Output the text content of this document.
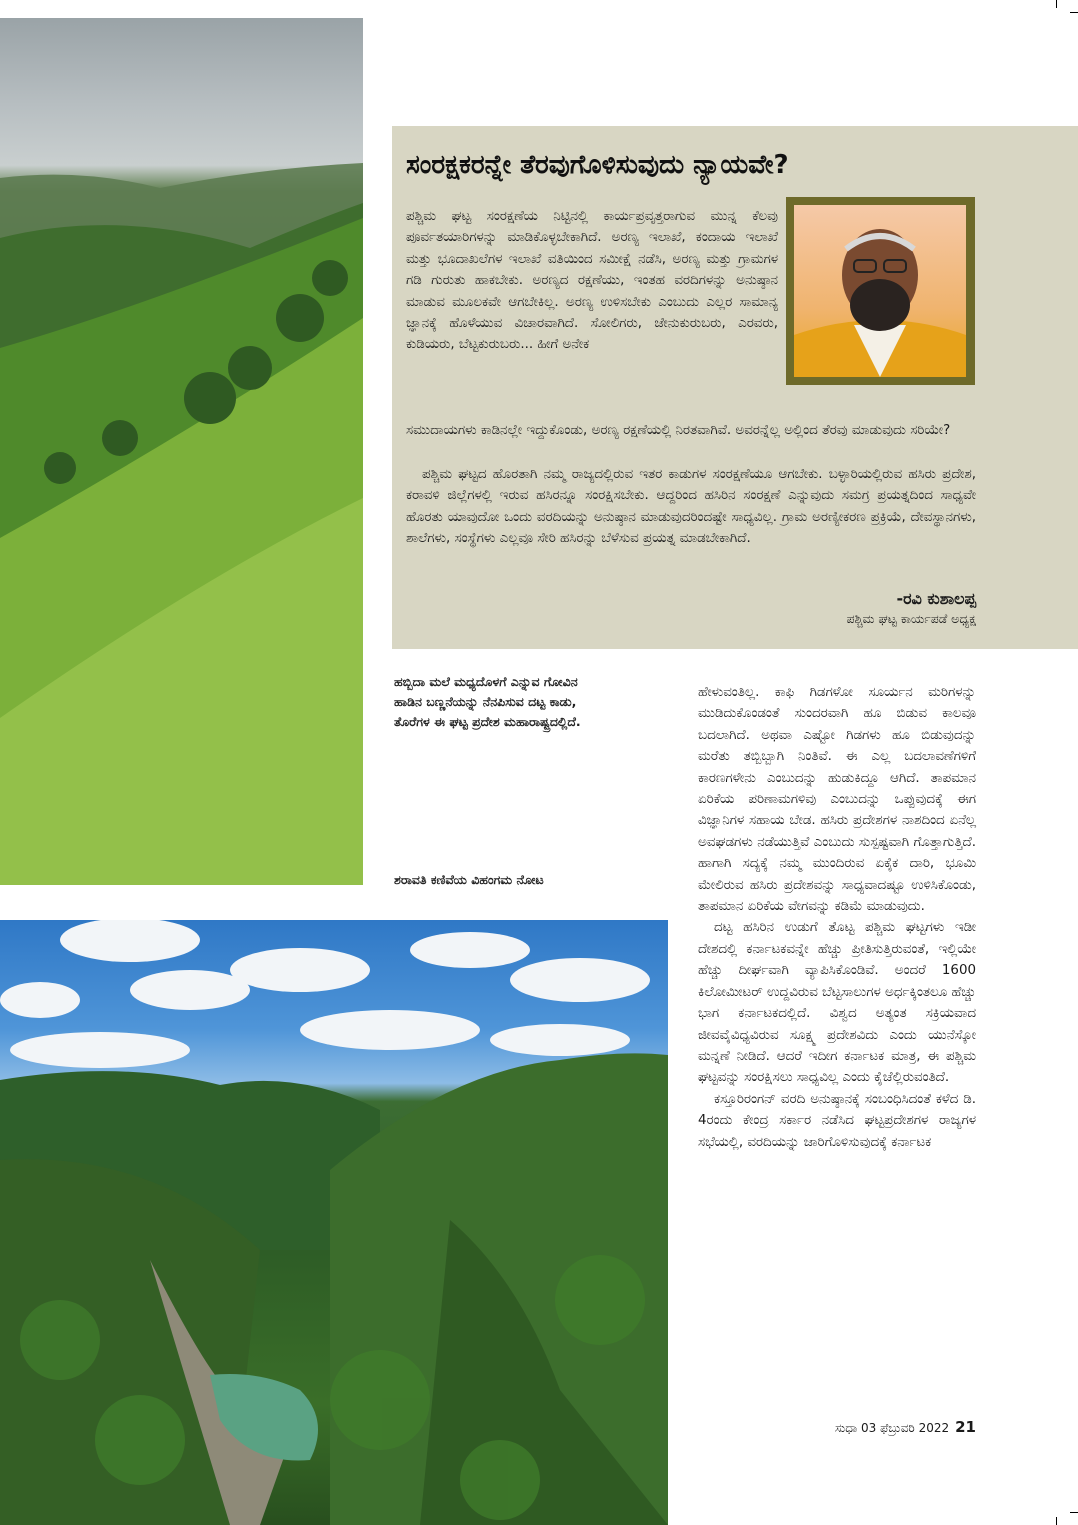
ಸಂರಕ್ಷಕರನ್ನೇ ತೆರವುಗೊಳಿಸುವುದು ನ್ಯಾಯವೇ?

ಪಶ್ಚಿಮ ಘಟ್ಟ ಸಂರಕ್ಷಣೆಯ ನಿಟ್ಟಿನಲ್ಲಿ ಕಾರ್ಯಪ್ರವೃತ್ತರಾಗುವ ಮುನ್ನ ಕೆಲವು ಪೂರ್ವತಯಾರಿಗಳನ್ನು ಮಾಡಿಕೊಳ್ಳಬೇಕಾಗಿದೆ. ಅರಣ್ಯ ಇಲಾಖೆ, ಕಂದಾಯ ಇಲಾಖೆ ಮತ್ತು ಭೂದಾಖಲೆಗಳ ಇಲಾಖೆ ವತಿಯಿಂದ ಸಮೀಕ್ಷೆ ನಡೆಸಿ, ಅರಣ್ಯ ಮತ್ತು ಗ್ರಾಮಗಳ ಗಡಿ ಗುರುತು ಹಾಕಬೇಕು. ಅರಣ್ಯದ ರಕ್ಷಣೆಯು, ಇಂತಹ ವರದಿಗಳನ್ನು ಅನುಷ್ಠಾನ ಮಾಡುವ ಮೂಲಕವೇ ಆಗಬೇಕಿಲ್ಲ. ಅರಣ್ಯ ಉಳಿಸಬೇಕು ಎಂಬುದು ಎಲ್ಲರ ಸಾಮಾನ್ಯ ಜ್ಞಾನಕ್ಕೆ ಹೊಳೆಯುವ ವಿಚಾರವಾಗಿದೆ. ಸೋಲಿಗರು, ಜೇನುಕುರುಬರು, ಎರವರು, ಕುಡಿಯರು, ಬೆಟ್ಟಕುರುಬರು... ಹೀಗೆ ಅನೇಕ

ಸಮುದಾಯಗಳು ಕಾಡಿನಲ್ಲೇ ಇದ್ದುಕೊಂಡು, ಅರಣ್ಯ ರಕ್ಷಣೆಯಲ್ಲಿ ನಿರತವಾಗಿವೆ. ಅವರನ್ನೆಲ್ಲ ಅಲ್ಲಿಂದ ತೆರವು ಮಾಡುವುದು ಸರಿಯೇ?

ಪಶ್ಚಿಮ ಘಟ್ಟದ ಹೊರತಾಗಿ ನಮ್ಮ ರಾಜ್ಯದಲ್ಲಿರುವ ಇತರ ಕಾಡುಗಳ ಸಂರಕ್ಷಣೆಯೂ ಆಗಬೇಕು. ಬಳ್ಳಾರಿಯಲ್ಲಿರುವ ಹಸಿರು ಪ್ರದೇಶ, ಕರಾವಳಿ ಜಿಲ್ಲೆಗಳಲ್ಲಿ ಇರುವ ಹಸಿರನ್ನೂ ಸಂರಕ್ಷಿಸಬೇಕು. ಆದ್ದರಿಂದ ಹಸಿರಿನ ಸಂರಕ್ಷಣೆ ಎನ್ನುವುದು ಸಮಗ್ರ ಪ್ರಯತ್ನದಿಂದ ಸಾಧ್ಯವೇ ಹೊರತು ಯಾವುದೋ ಒಂದು ವರದಿಯನ್ನು ಅನುಷ್ಠಾನ ಮಾಡುವುದರಿಂದಷ್ಟೇ ಸಾಧ್ಯವಿಲ್ಲ. ಗ್ರಾಮ ಅರಣ್ಯೀಕರಣ ಪ್ರಕ್ರಿಯೆ, ದೇವಸ್ಥಾನಗಳು, ಶಾಲೆಗಳು, ಸಂಸ್ಥೆಗಳು ಎಲ್ಲವೂ ಸೇರಿ ಹಸಿರನ್ನು ಬೆಳೆಸುವ ಪ್ರಯತ್ನ ಮಾಡಬೇಕಾಗಿದೆ.

-ರವಿ ಕುಶಾಲಪ್ಪ

ಪಶ್ಚಿಮ ಘಟ್ಟ ಕಾರ್ಯಪಡೆ ಅಧ್ಯಕ್ಷ

ಹಬ್ಬಿದಾ ಮಲೆ ಮಧ್ಯದೊಳಗೆ ಎನ್ನುವ ಗೋವಿನ ಹಾಡಿನ ಬಣ್ಣನೆಯನ್ನು ನೆನಪಿಸುವ ದಟ್ಟ ಕಾಡು, ತೊರೆಗಳ ಈ ಘಟ್ಟ ಪ್ರದೇಶ ಮಹಾರಾಷ್ಟ್ರದಲ್ಲಿದೆ.

ಶರಾವತಿ ಕಣಿವೆಯ ವಿಹಂಗಮ ನೋಟ

ಹೇಳುವಂತಿಲ್ಲ. ಕಾಫಿ ಗಿಡಗಳೋ ಸೂರ್ಯನ ಮರಿಗಳನ್ನು ಮುಡಿದುಕೊಂಡಂತೆ ಸುಂದರವಾಗಿ ಹೂ ಬಿಡುವ ಕಾಲವೂ ಬದಲಾಗಿದೆ. ಅಥವಾ ಎಷ್ಟೋ ಗಿಡಗಳು ಹೂ ಬಿಡುವುದನ್ನು ಮರೆತು ತಬ್ಬಿಬ್ಬಾಗಿ ನಿಂತಿವೆ. ಈ ಎಲ್ಲ ಬದಲಾವಣೆಗಳಿಗೆ ಕಾರಣಗಳೇನು ಎಂಬುದನ್ನು ಹುಡುಕಿದ್ದೂ ಆಗಿದೆ. ತಾಪಮಾನ ಏರಿಕೆಯ ಪರಿಣಾಮಗಳಿವು ಎಂಬುದನ್ನು ಒಪ್ಪುವುದಕ್ಕೆ ಈಗ ವಿಜ್ಞಾನಿಗಳ ಸಹಾಯ ಬೇಡ. ಹಸಿರು ಪ್ರದೇಶಗಳ ನಾಶದಿಂದ ಏನೆಲ್ಲ ಅವಘಡಗಳು ನಡೆಯುತ್ತಿವೆ ಎಂಬುದು ಸುಸ್ಪಷ್ಟವಾಗಿ ಗೊತ್ತಾಗುತ್ತಿದೆ. ಹಾಗಾಗಿ ಸದ್ಯಕ್ಕೆ ನಮ್ಮ ಮುಂದಿರುವ ಏಕೈಕ ದಾರಿ, ಭೂಮಿ ಮೇಲಿರುವ ಹಸಿರು ಪ್ರದೇಶವನ್ನು ಸಾಧ್ಯವಾದಷ್ಟೂ ಉಳಿಸಿಕೊಂಡು, ತಾಪಮಾನ ಏರಿಕೆಯ ವೇಗವನ್ನು ಕಡಿಮೆ ಮಾಡುವುದು.

ದಟ್ಟ ಹಸಿರಿನ ಉಡುಗೆ ತೊಟ್ಟ ಪಶ್ಚಿಮ ಘಟ್ಟಗಳು ಇಡೀ ದೇಶದಲ್ಲಿ ಕರ್ನಾಟಕವನ್ನೇ ಹೆಚ್ಚು ಪ್ರೀತಿಸುತ್ತಿರುವಂತೆ, ಇಲ್ಲಿಯೇ ಹೆಚ್ಚು ದೀರ್ಘವಾಗಿ ವ್ಯಾಪಿಸಿಕೊಂಡಿವೆ. ಅಂದರೆ 1600 ಕಿಲೋಮೀಟರ್ ಉದ್ದವಿರುವ ಬೆಟ್ಟಸಾಲುಗಳ ಅರ್ಧಕ್ಕಿಂತಲೂ ಹೆಚ್ಚು ಭಾಗ ಕರ್ನಾಟಕದಲ್ಲಿದೆ. ವಿಶ್ವದ ಅತ್ಯಂತ ಸಕ್ರಿಯವಾದ ಜೀವವೈವಿಧ್ಯವಿರುವ ಸೂಕ್ಷ್ಮ ಪ್ರದೇಶವಿದು ಎಂದು ಯುನೆಸ್ಕೋ ಮನ್ನಣೆ ನೀಡಿದೆ. ಆದರೆ ಇದೀಗ ಕರ್ನಾಟಕ ಮಾತ್ರ, ಈ ಪಶ್ಚಿಮ ಘಟ್ಟವನ್ನು ಸಂರಕ್ಷಿಸಲು ಸಾಧ್ಯವಿಲ್ಲ ಎಂದು ಕೈಚೆಲ್ಲಿರುವಂತಿದೆ.

ಕಸ್ತೂರಿರಂಗನ್ ವರದಿ ಅನುಷ್ಠಾನಕ್ಕೆ ಸಂಬಂಧಿಸಿದಂತೆ ಕಳೆದ ಡಿ. 4ರಂದು ಕೇಂದ್ರ ಸರ್ಕಾರ ನಡೆಸಿದ ಘಟ್ಟಪ್ರದೇಶಗಳ ರಾಜ್ಯಗಳ ಸಭೆಯಲ್ಲಿ, ವರದಿಯನ್ನು ಜಾರಿಗೊಳಿಸುವುದಕ್ಕೆ ಕರ್ನಾಟಕ

ಸುಧಾ 03 ಫೆಬ್ರುವರಿ 2022 21
